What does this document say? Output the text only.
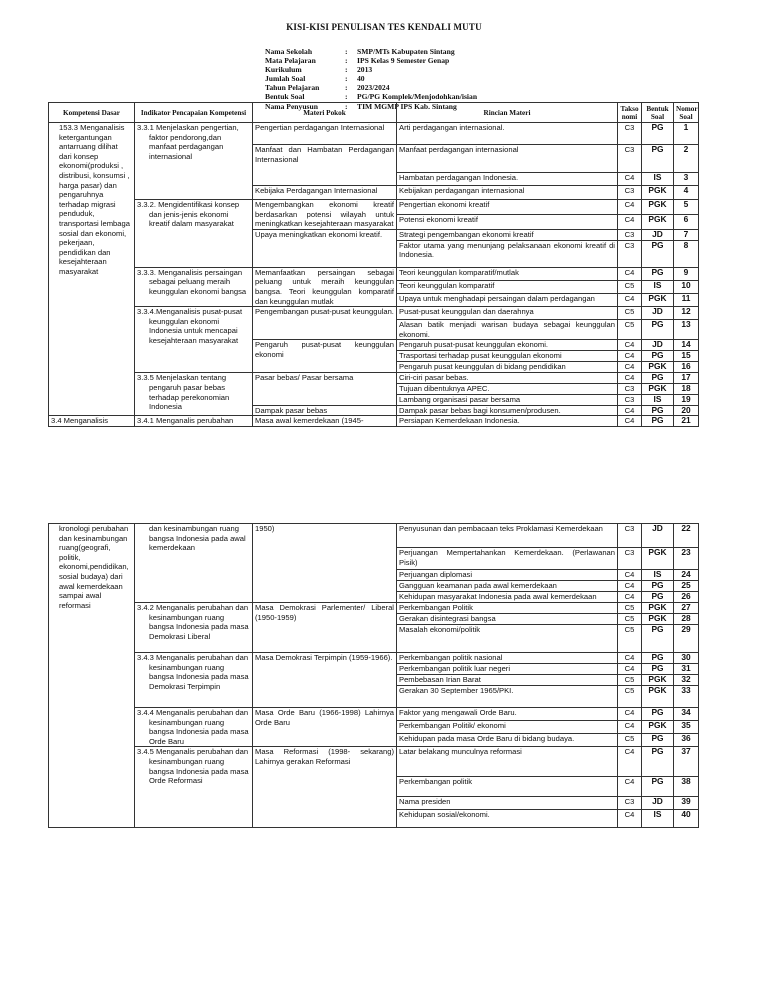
KISI-KISI PENULISAN TES KENDALI MUTU
Nama Sekolah	:	SMP/MTs Kabupaten Sintang
Mata Pelajaran	:	IPS Kelas 9 Semester Genap
Kurikulum	:	2013
Jumlah Soal	:	40
Tahun Pelajaran	:	2023/2024
Bentuk Soal	:	PG/PG Komplek/Menjodohkan/isian
Nama Penyusun	:	TIM MGMP IPS Kab. Sintang
Kompetensi Dasar	Indikator Pencapaian Kompetensi	Materi Pokok	Rincian Materi	Takso nomi	Bentuk Soal	Nomor Soal
153.3 Menganalisis ketergantungan antarruang dilihat dari konsep ekonomi(produksi , distribusi, konsumsi , harga pasar) dan pengaruhnya terhadap migrasi penduduk, transportasi lembaga sosial dan ekonomi, pekerjaan, pendidikan dan kesejahteraan masyarakat	3.3.1 Menjelaskan pengertian, faktor pendorong,dan manfaat perdagangan internasional	Pengertian perdagangan Internasional	Arti perdagangan internasional.	C3	PG	1
		Manfaat dan Hambatan Perdagangan Internasional	Manfaat perdagangan internasional	C3	PG	2
			Hambatan perdagangan Indonesia.	C4	IS	3
		Kebijaka Perdagangan Internasional	Kebijakan perdagangan internasional	C3	PGK	4
	3.3.2. Mengidentifikasi konsep dan jenis-jenis ekonomi kreatif dalam masyarakat	Mengembangkan ekonomi kreatif berdasarkan potensi wilayah untuk meningkatkan kesejahteraan masyarakat	Pengertian ekonomi kreatif	C4	PGK	5
			Potensi ekonomi kreatif	C4	PGK	6
		Upaya meningkatkan ekonomi kreatif.	Strategi pengembangan ekonomi kreatif	C3	JD	7
			Faktor utama yang menunjang pelaksanaan ekonomi kreatif di Indonesia.	C3	PG	8
	3.3.3. Menganalisis persaingan sebagai peluang meraih keunggulan ekonomi bangsa	Memanfaatkan persaingan sebagai peluang untuk meraih keunggulan bangsa. Teori keunggulan komparatif dan keunggulan mutlak	Teori keunggulan komparatif/mutlak	C4	PG	9
			Teori keunggulan komparatif	C5	IS	10
			Upaya untuk menghadapi persaingan dalam perdagangan	C4	PGK	11
	3.3.4.Menganalisis pusat-pusat keunggulan ekonomi Indonesia untuk mencapai kesejahteraan masyarakat	Pengembangan pusat-pusat keunggulan.	Pusat-pusat keunggulan dan daerahnya	C5	JD	12
			Alasan batik menjadi warisan budaya sebagai keunggulan ekonomi.	C5	PG	13
		Pengaruh pusat-pusat keunggulan ekonomi	Pengaruh pusat-pusat keunggulan ekonomi.	C4	JD	14
			Trasportasi terhadap pusat keunggulan ekonomi	C4	PG	15
			Pengaruh pusat keunggulan di bidang pendidikan	C4	PGK	16
	3.3.5 Menjelaskan tentang pengaruh pasar bebas terhadap perekonomian Indonesia	Pasar bebas/ Pasar bersama	Ciri-ciri pasar bebas.	C4	PG	17
			Tujuan dibentuknya APEC.	C3	PGK	18
			Lambang organisasi pasar bersama	C3	IS	19
		Dampak pasar bebas	Dampak pasar bebas bagi konsumen/produsen.	C4	PG	20
3.4 Menganalisis	3.4.1 Menganalis perubahan	Masa awal kemerdekaan (1945-	Persiapan Kemerdekaan Indonesia.	C4	PG	21
kronologi perubahan dan kesinambungan ruang(geografi, politik, ekonomi,pendidikan, sosial budaya) dari awal kemerdekaan sampai awal reformasi	dan kesinambungan ruang bangsa Indonesia pada awal kemerdekaan	1950)	Penyusunan dan pembacaan teks Proklamasi Kemerdekaan	C3	JD	22
			Perjuangan Mempertahankan Kemerdekaan. (Perlawanan Pisik)	C3	PGK	23
			Perjuangan diplomasi	C4	IS	24
			Gangguan keamanan pada awal kemerdekaan	C4	PG	25
			Kehidupan masyarakat Indonesia pada awal kemerdekaan	C4	PG	26
	3.4.2 Menganalis perubahan dan kesinambungan ruang bangsa Indonesia pada masa Demokrasi Liberal	Masa Demokrasi Parlementer/ Liberal (1950-1959)	Perkembangan Politik	C5	PGK	27
			Gerakan disintegrasi bangsa	C5	PGK	28
			Masalah ekonomi/politik	C5	PG	29
	3.4.3 Menganalis perubahan dan kesinambungan ruang bangsa Indonesia pada masa Demokrasi Terpimpin	Masa Demokrasi Terpimpin (1959-1966).	Perkembangan politik nasional	C4	PG	30
			Perkembangan politik luar negeri	C4	PG	31
			Pembebasan Irian Barat	C5	PGK	32
			Gerakan 30 September 1965/PKI.	C5	PGK	33
	3.4.4 Menganalis perubahan dan kesinambungan ruang bangsa Indonesia pada masa Orde Baru	Masa Orde Baru (1966-1998) Lahirnya Orde Baru	Faktor yang mengawali Orde Baru.	C4	PG	34
			Perkembangan Politik/ ekonomi	C4	PGK	35
			Kehidupan pada masa Orde Baru di bidang budaya.	C5	PG	36
	3.4.5 Menganalis perubahan dan kesinambungan ruang bangsa Indonesia pada masa Orde Reformasi	Masa Reformasi (1998- sekarang) Lahirnya gerakan Reformasi	Latar belakang munculnya reformasi	C4	PG	37
			Perkembangan politik	C4	PG	38
			Nama presiden	C3	JD	39
			Kehidupan sosial/ekonomi.	C4	IS	40
